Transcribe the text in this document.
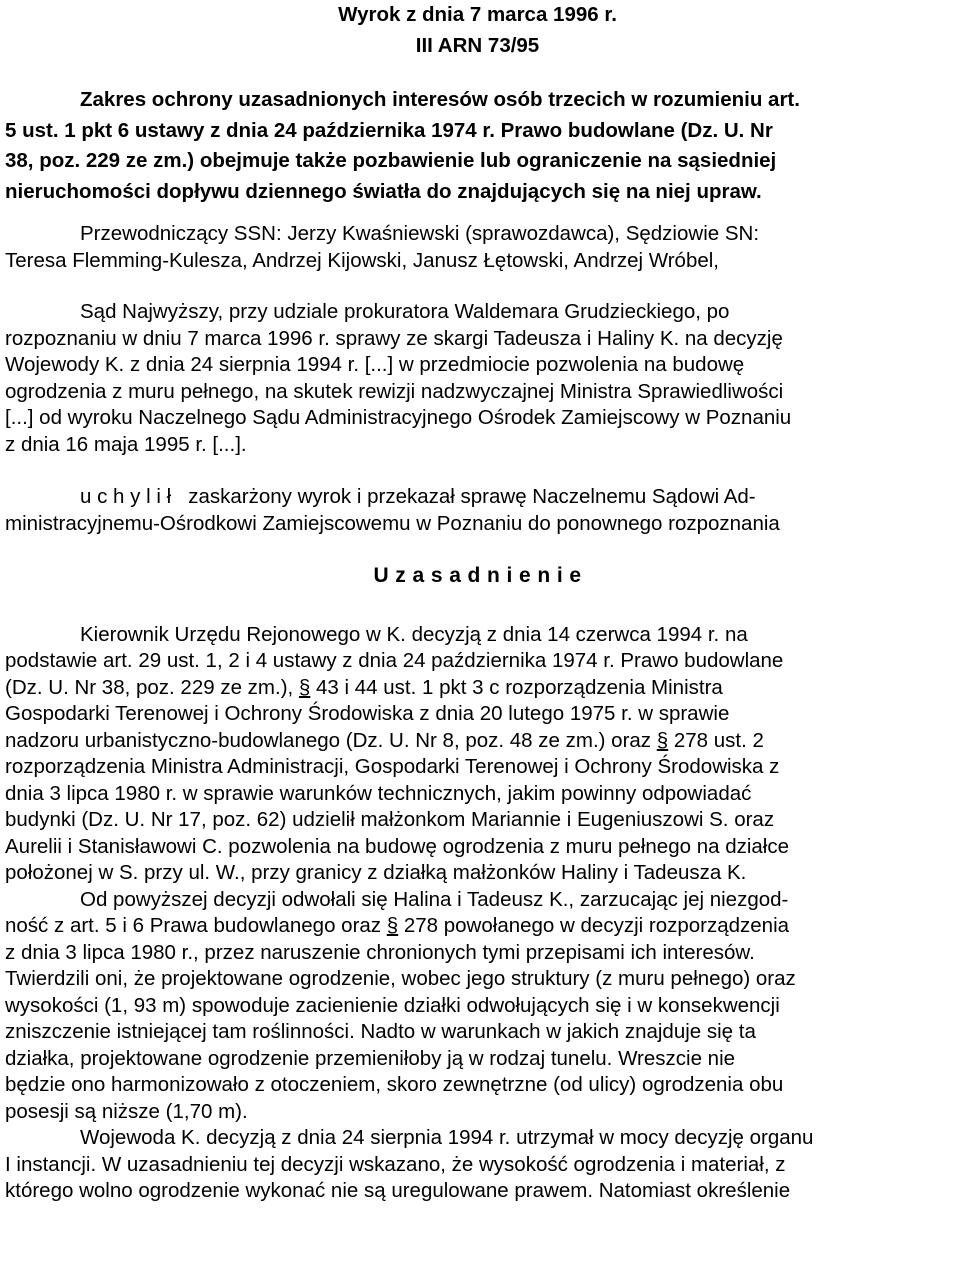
Wyrok z dnia 7 marca 1996 r.
III ARN 73/95
Zakres ochrony uzasadnionych interesów osób trzecich w rozumieniu art.
5 ust. 1 pkt 6 ustawy z dnia 24 października 1974 r. Prawo budowlane (Dz. U. Nr
38, poz. 229 ze zm.) obejmuje także pozbawienie lub ograniczenie na sąsiedniej
nieruchomości dopływu dziennego światła do znajdujących się na niej upraw.
Przewodniczący SSN: Jerzy Kwaśniewski (sprawozdawca), Sędziowie SN:
Teresa Flemming-Kulesza, Andrzej Kijowski, Janusz Łętowski, Andrzej Wróbel,
Sąd Najwyższy, przy udziale prokuratora Waldemara Grudzieckiego, po
rozpoznaniu w dniu 7 marca 1996 r. sprawy ze skargi Tadeusza i Haliny K. na decyzję
Wojewody K. z dnia 24 sierpnia 1994 r. [...] w przedmiocie pozwolenia na budowę
ogrodzenia z muru pełnego, na skutek rewizji nadzwyczajnej Ministra Sprawiedliwości
[...] od wyroku Naczelnego Sądu Administracyjnego Ośrodek Zamiejscowy w Poznaniu
z dnia 16 maja 1995 r. [...].
u c h y l i ł zaskarżony wyrok i przekazał sprawę Naczelnemu Sądowi Ad-
ministracyjnemu-Ośrodkowi Zamiejscowemu w Poznaniu do ponownego rozpoznania
U z a s a d n i e n i e
Kierownik Urzędu Rejonowego w K. decyzją z dnia 14 czerwca 1994 r. na
podstawie art. 29 ust. 1, 2 i 4 ustawy z dnia 24 października 1974 r. Prawo budowlane
(Dz. U. Nr 38, poz. 229 ze zm.), § 43 i 44 ust. 1 pkt 3 c rozporządzenia Ministra
Gospodarki Terenowej i Ochrony Środowiska z dnia 20 lutego 1975 r. w sprawie
nadzoru urbanistyczno-budowlanego (Dz. U. Nr 8, poz. 48 ze zm.) oraz § 278 ust. 2
rozporządzenia Ministra Administracji, Gospodarki Terenowej i Ochrony Środowiska z
dnia 3 lipca 1980 r. w sprawie warunków technicznych, jakim powinny odpowiadać
budynki (Dz. U. Nr 17, poz. 62) udzielił małżonkom Mariannie i Eugeniuszowi S. oraz
Aurelii i Stanisławowi C. pozwolenia na budowę ogrodzenia z muru pełnego na działce
położonej w S. przy ul. W., przy granicy z działką małżonków Haliny i Tadeusza K.
Od powyższej decyzji odwołali się Halina i Tadeusz K., zarzucając jej niezgod-
ność z art. 5 i 6 Prawa budowlanego oraz § 278 powołanego w decyzji rozporządzenia
z dnia 3 lipca 1980 r., przez naruszenie chronionych tymi przepisami ich interesów.
Twierdzili oni, że projektowane ogrodzenie, wobec jego struktury (z muru pełnego) oraz
wysokości (1, 93 m) spowoduje zacienienie działki odwołujących się i w konsekwencji
zniszczenie istniejącej tam roślinności. Nadto w warunkach w jakich znajduje się ta
działka, projektowane ogrodzenie przemieniłoby ją w rodzaj tunelu. Wreszcie nie
będzie ono harmonizowało z otoczeniem, skoro zewnętrzne (od ulicy) ogrodzenia obu
posesji są niższe (1,70 m).
Wojewoda K. decyzją z dnia 24 sierpnia 1994 r. utrzymał w mocy decyzję organu
I instancji. W uzasadnieniu tej decyzji wskazano, że wysokość ogrodzenia i materiał, z
którego wolno ogrodzenie wykonać nie są uregulowane prawem. Natomiast określenie
